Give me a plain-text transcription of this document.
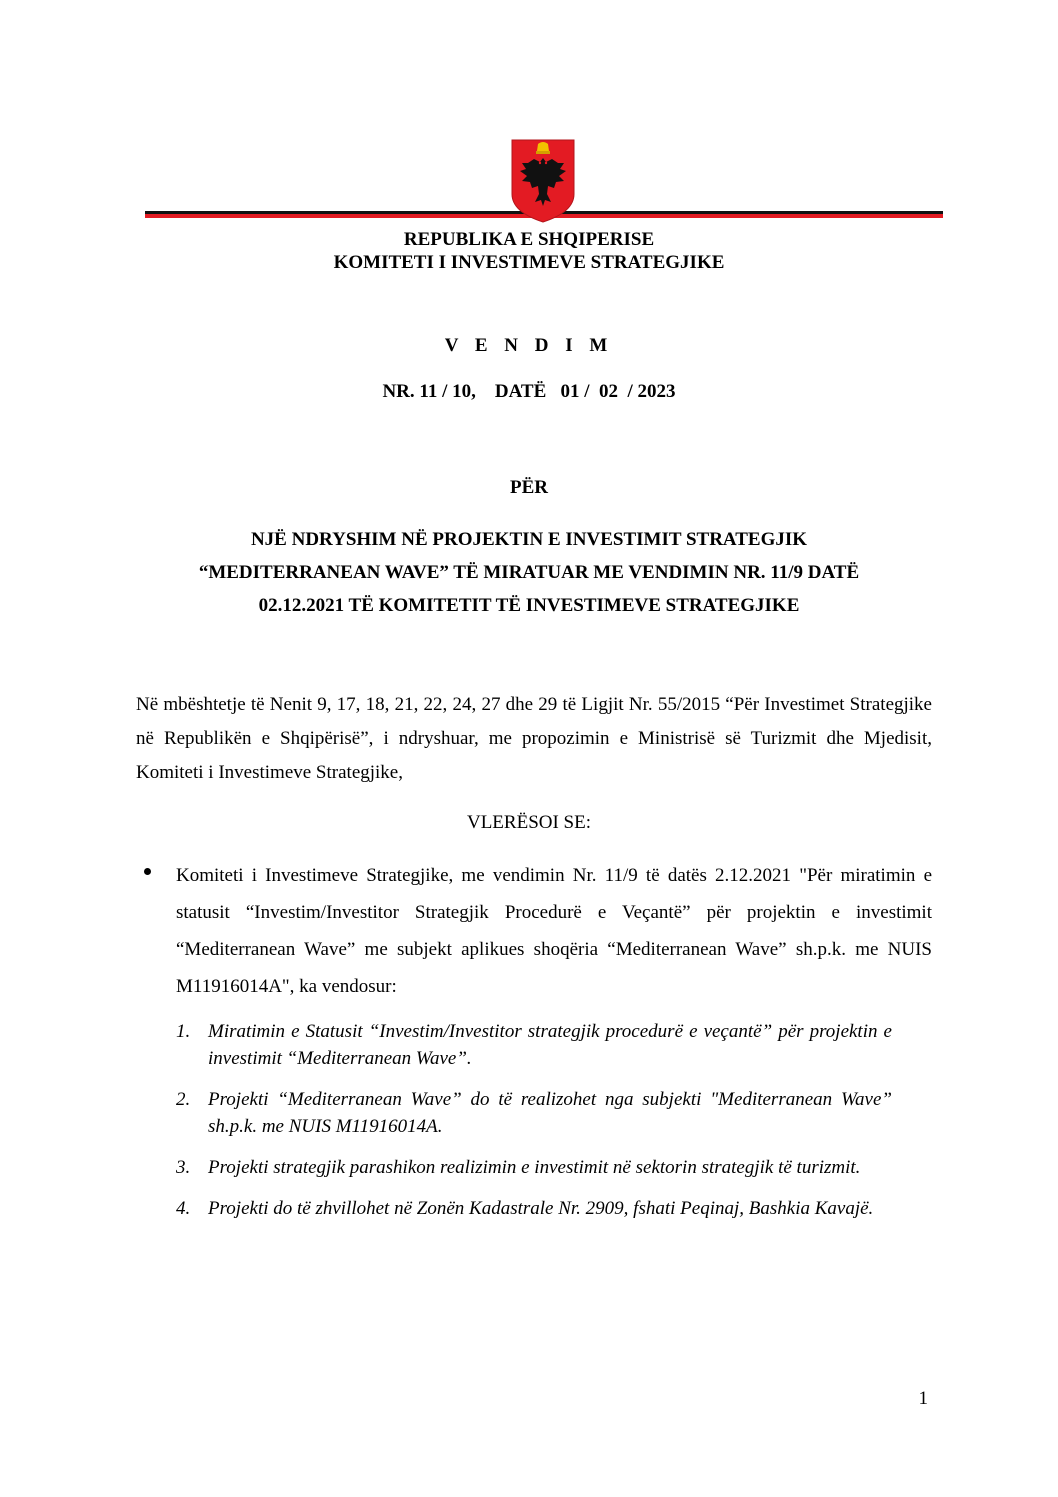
REPUBLIKA E SHQIPERISE
KOMITETI I INVESTIMEVE STRATEGJIKE
V E N D I M
NR. 11 / 10,    DATË   01 /  02  / 2023
PËR
NJË NDRYSHIM NË PROJEKTIN E INVESTIMIT STRATEGJIK
“MEDITERRANEAN WAVE” TË MIRATUAR ME VENDIMIN NR. 11/9 DATË
02.12.2021 TË KOMITETIT TË INVESTIMEVE STRATEGJIKE
Në mbështetje të Nenit 9, 17, 18, 21, 22, 24, 27 dhe 29 të Ligjit Nr. 55/2015 “Për Investimet Strategjike në Republikën e Shqipërisë”, i ndryshuar, me propozimin e Ministrisë së Turizmit dhe Mjedisit, Komiteti i Investimeve Strategjike,
VLERËSOI SE:
Komiteti i Investimeve Strategjike, me vendimin Nr. 11/9 të datës 2.12.2021 "Për miratimin e statusit “Investim/Investitor Strategjik Procedurë e Veçantë” për projektin e investimit “Mediterranean Wave” me subjekt aplikues shoqëria “Mediterranean Wave” sh.p.k. me NUIS M11916014A", ka vendosur:
1. Miratimin e Statusit “Investim/Investitor strategjik procedurë e veçantë” për projektin e investimit “Mediterranean Wave”.
2. Projekti “Mediterranean Wave” do të realizohet nga subjekti "Mediterranean Wave” sh.p.k. me NUIS M11916014A.
3. Projekti strategjik parashikon realizimin e investimit në sektorin strategjik të turizmit.
4. Projekti do të zhvillohet në Zonën Kadastrale Nr. 2909, fshati Peqinaj, Bashkia Kavajë.
1
